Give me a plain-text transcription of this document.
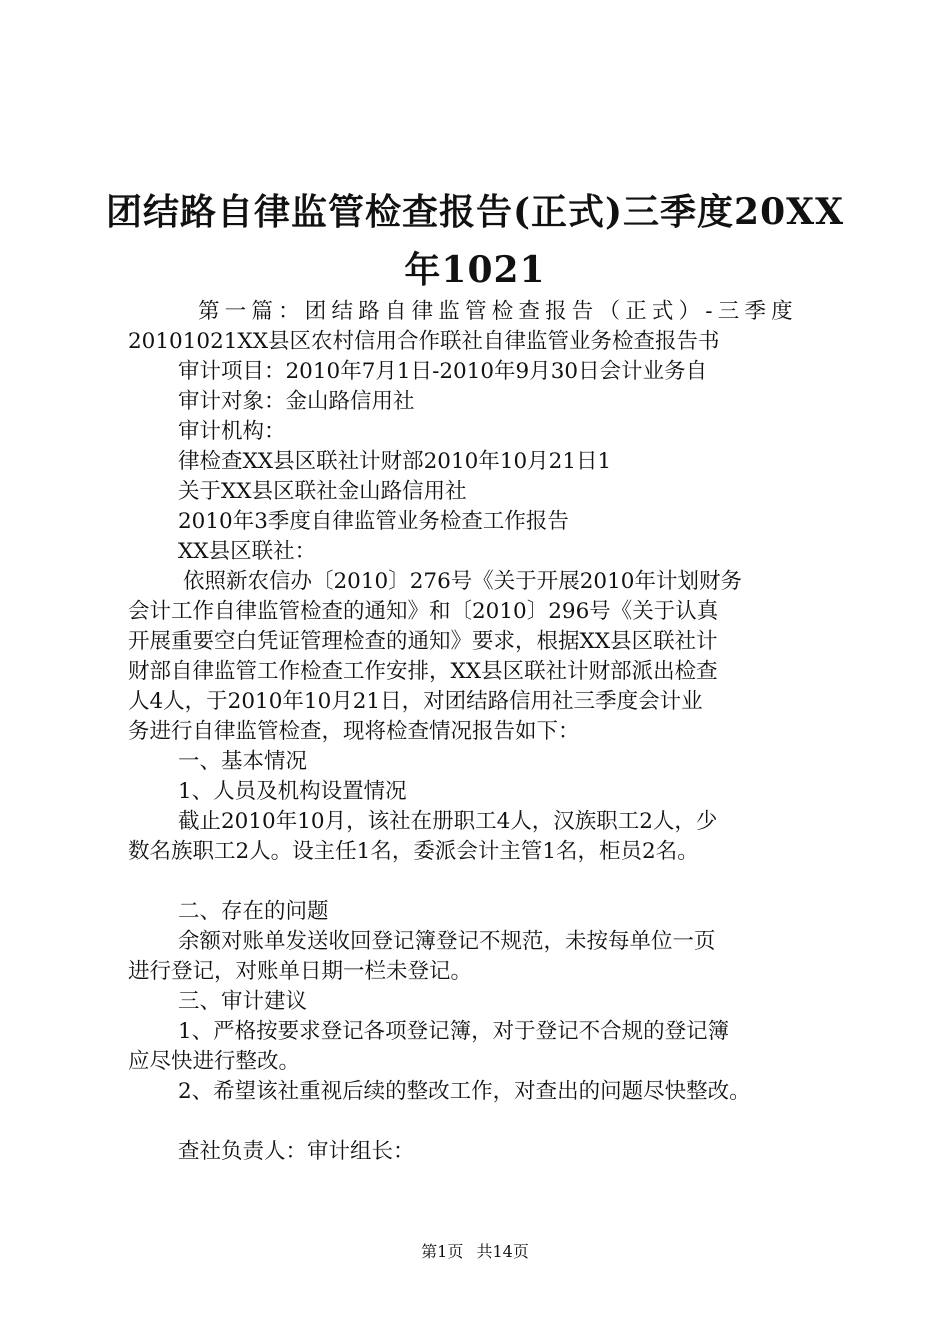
团结路自律监管检查报告(正式)三季度20XX
年1021
第一篇：团结路自律监管检查报告（正式）-三季度
20101021XX县区农村信用合作联社自律监管业务检查报告书
审计项目：2010年7月1日-2010年9月30日会计业务自
审计对象：金山路信用社
审计机构：
律检查XX县区联社计财部2010年10月21日1
关于XX县区联社金山路信用社
2010年3季度自律监管业务检查工作报告
XX县区联社：
依照新农信办〔2010〕276号《关于开展2010年计划财务
会计工作自律监管检查的通知》和〔2010〕296号《关于认真
开展重要空白凭证管理检查的通知》要求，根据XX县区联社计
财部自律监管工作检查工作安排，XX县区联社计财部派出检查
人4人，于2010年10月21日，对团结路信用社三季度会计业
务进行自律监管检查，现将检查情况报告如下：
一、基本情况
1、人员及机构设置情况
截止2010年10月，该社在册职工4人，汉族职工2人，少
数名族职工2人。设主任1名，委派会计主管1名，柜员2名。
二、存在的问题
余额对账单发送收回登记簿登记不规范，未按每单位一页
进行登记，对账单日期一栏未登记。
三、审计建议
1、严格按要求登记各项登记簿，对于登记不合规的登记簿
应尽快进行整改。
2、希望该社重视后续的整改工作，对查出的问题尽快整改。
查社负责人：审计组长：
第1页 共14页
